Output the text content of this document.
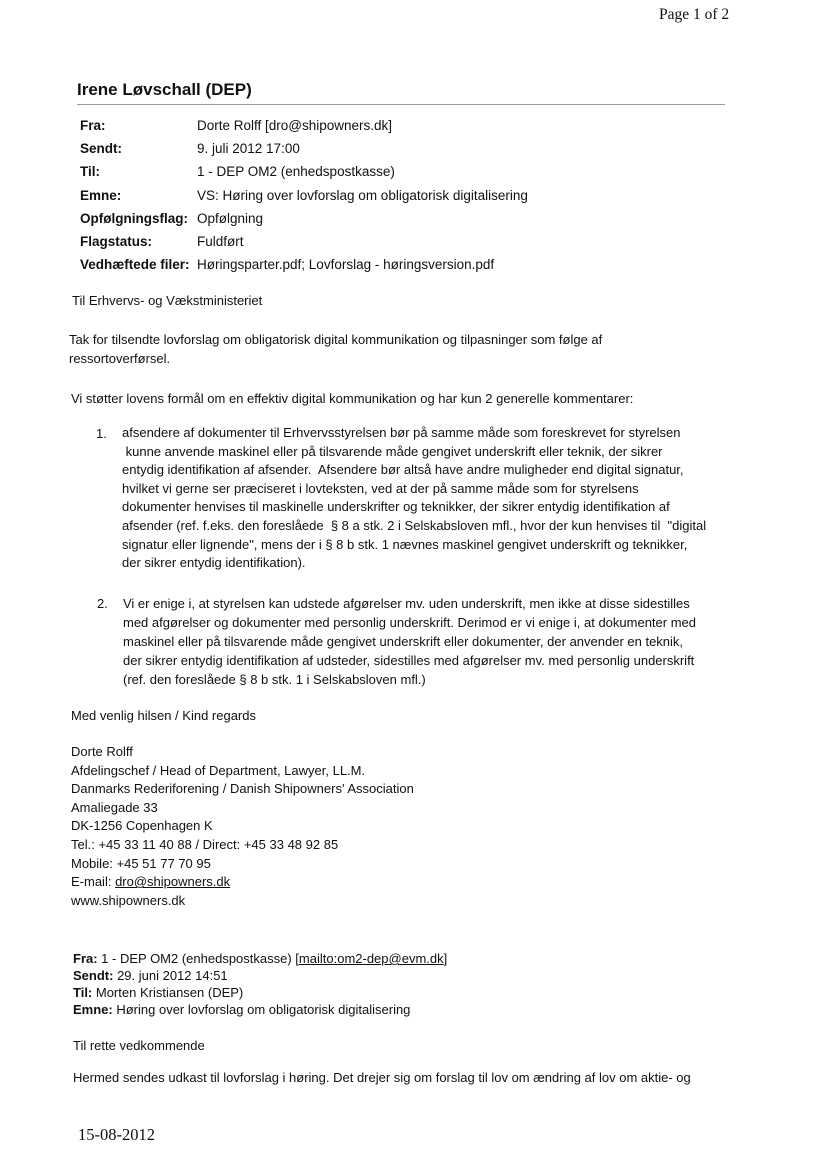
Page 1 of 2
Irene Løvschall (DEP)
Fra:	Dorte Rolff [dro@shipowners.dk]
Sendt:	9. juli 2012 17:00
Til:	1 - DEP OM2 (enhedspostkasse)
Emne:	VS: Høring over lovforslag om obligatorisk digitalisering
Opfølgningsflag:	Opfølgning
Flagstatus:	Fuldført
Vedhæftede filer:	Høringsparter.pdf; Lovforslag - høringsversion.pdf
Til Erhvervs- og Vækstministeriet
Tak for tilsendte lovforslag om obligatorisk digital kommunikation og tilpasninger som følge af
ressortoverførsel.
Vi støtter lovens formål om en effektiv digital kommunikation og har kun 2 generelle kommentarer:
1. afsendere af dokumenter til Erhvervsstyrelsen bør på samme måde som foreskrevet for styrelsen
kunne anvende maskinel eller på tilsvarende måde gengivet underskrift eller teknik, der sikrer
entydig identifikation af afsender.  Afsendere bør altså have andre muligheder end digital signatur,
hvilket vi gerne ser præciseret i lovteksten, ved at der på samme måde som for styrelsens
dokumenter henvises til maskinelle underskrifter og teknikker, der sikrer entydig identifikation af
afsender (ref. f.eks. den foreslåede  § 8 a stk. 2 i Selskabsloven mfl., hvor der kun henvises til  "digital
signatur eller lignende", mens der i § 8 b stk. 1 nævnes maskinel gengivet underskrift og teknikker,
der sikrer entydig identifikation).
2. Vi er enige i, at styrelsen kan udstede afgørelser mv. uden underskrift, men ikke at disse sidestilles
med afgørelser og dokumenter med personlig underskrift. Derimod er vi enige i, at dokumenter med
maskinel eller på tilsvarende måde gengivet underskrift eller dokumenter, der anvender en teknik,
der sikrer entydig identifikation af udsteder, sidestilles med afgørelser mv. med personlig underskrift
(ref. den foreslåede § 8 b stk. 1 i Selskabsloven mfl.)
Med venlig hilsen / Kind regards
Dorte Rolff
Afdelingschef / Head of Department, Lawyer, LL.M.
Danmarks Rederiforening / Danish Shipowners' Association
Amaliegade 33
DK-1256 Copenhagen K
Tel.: +45 33 11 40 88 / Direct: +45 33 48 92 85
Mobile: +45 51 77 70 95
E-mail: dro@shipowners.dk
www.shipowners.dk
Fra: 1 - DEP OM2 (enhedspostkasse) [mailto:om2-dep@evm.dk]
Sendt: 29. juni 2012 14:51
Til: Morten Kristiansen (DEP)
Emne: Høring over lovforslag om obligatorisk digitalisering
Til rette vedkommende
Hermed sendes udkast til lovforslag i høring. Det drejer sig om forslag til lov om ændring af lov om aktie- og
15-08-2012
